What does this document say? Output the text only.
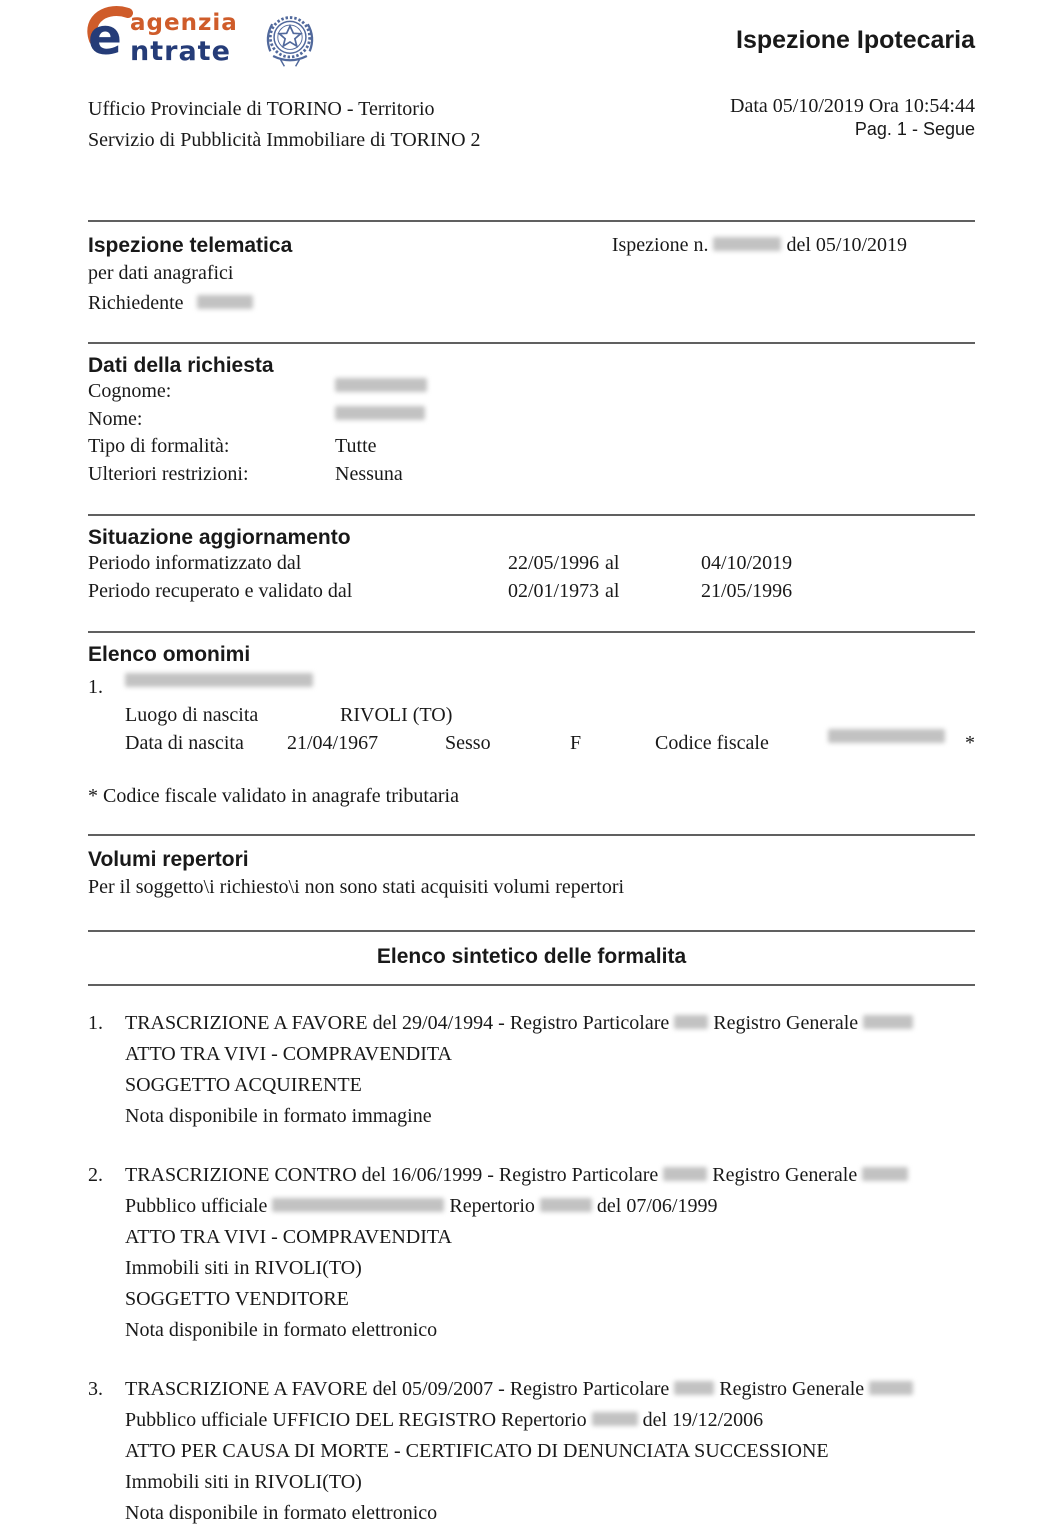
e agenzia
ntrate	Ispezione Ipotecaria
Ufficio Provinciale di TORINO - Territorio
Servizio di Pubblicità Immobiliare di TORINO 2
Data 05/10/2019 Ora 10:54:44
Pag. 1 - Segue
Ispezione telematica	Ispezione n.	del 05/10/2019
per dati anagrafici
Richiedente
Dati della richiesta
Cognome:
Nome:
Tipo di formalità:	Tutte
Ulteriori restrizioni:	Nessuna
Situazione aggiornamento
Periodo informatizzato dal	22/05/1996 al	04/10/2019
Periodo recuperato e validato dal	02/01/1973 al	21/05/1996
Elenco omonimi
1.
Luogo di nascita	RIVOLI (TO)
Data di nascita	21/04/1967	Sesso	F	Codice fiscale	*
* Codice fiscale validato in anagrafe tributaria
Volumi repertori
Per il soggetto\i richiesto\i non sono stati acquisiti volumi repertori
Elenco sintetico delle formalita
1.	TRASCRIZIONE A FAVORE del 29/04/1994 - Registro Particolare  Registro Generale
ATTO TRA VIVI - COMPRAVENDITA
SOGGETTO ACQUIRENTE
Nota disponibile in formato immagine
2.	TRASCRIZIONE CONTRO del 16/06/1999 - Registro Particolare  Registro Generale
Pubblico ufficiale	Repertorio	del 07/06/1999
ATTO TRA VIVI - COMPRAVENDITA
Immobili siti in RIVOLI(TO)
SOGGETTO VENDITORE
Nota disponibile in formato elettronico
3.	TRASCRIZIONE A FAVORE del 05/09/2007 - Registro Particolare  Registro Generale
Pubblico ufficiale UFFICIO DEL REGISTRO Repertorio  del 19/12/2006
ATTO PER CAUSA DI MORTE - CERTIFICATO DI DENUNCIATA SUCCESSIONE
Immobili siti in RIVOLI(TO)
Nota disponibile in formato elettronico
